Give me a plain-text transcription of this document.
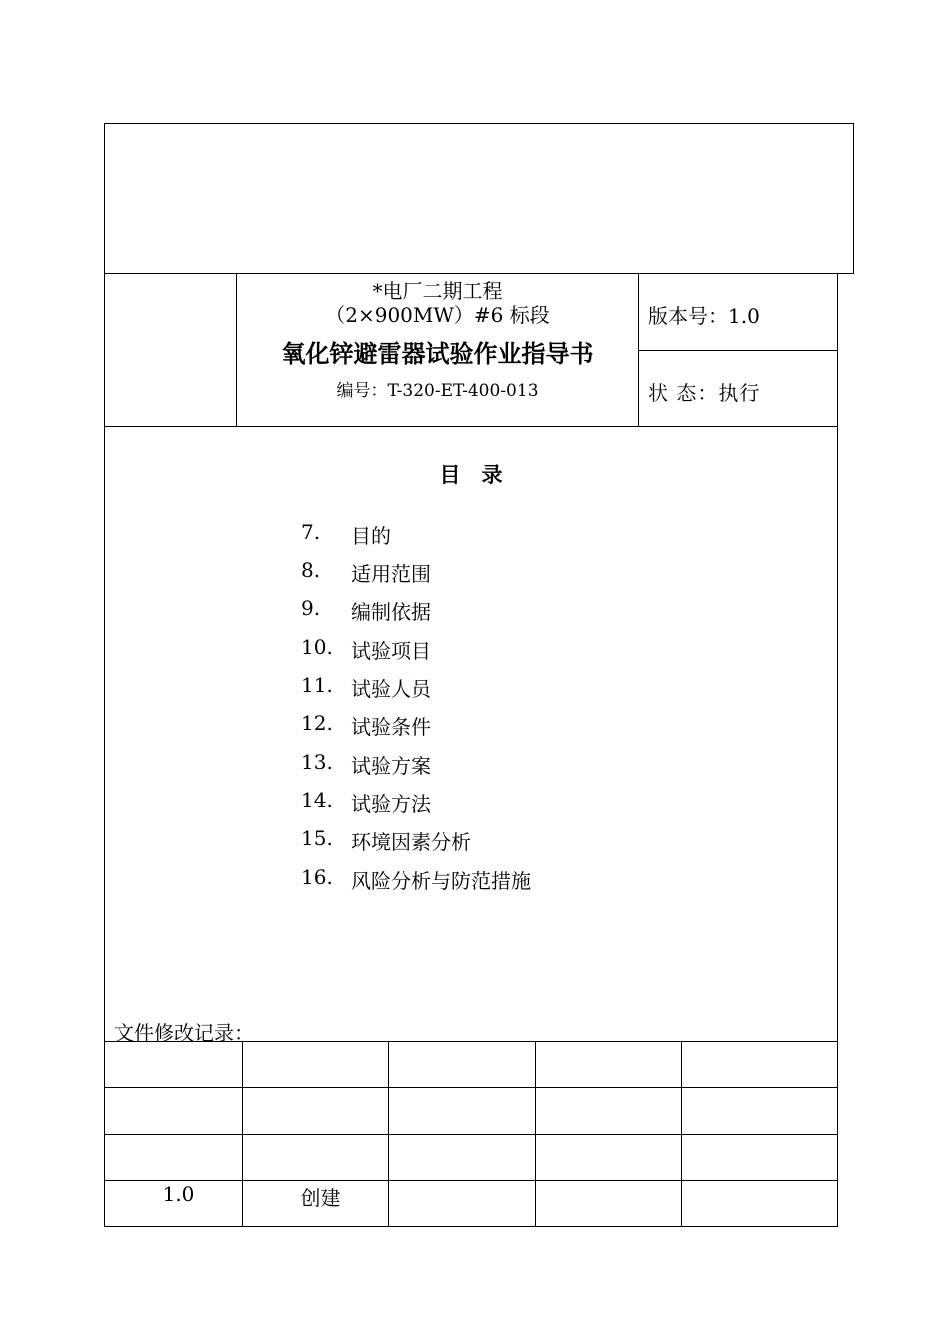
*电厂二期工程
（2×900MW）#6 标段
氧化锌避雷器试验作业指导书
编号：T-320-ET-400-013
版本号：1.0
状 态：执行
目　录
7. 目的
8. 适用范围
9. 编制依据
10. 试验项目
11. 试验人员
12. 试验条件
13. 试验方案
14. 试验方法
15. 环境因素分析
16. 风险分析与防范措施
文件修改记录：
1.0	创建
